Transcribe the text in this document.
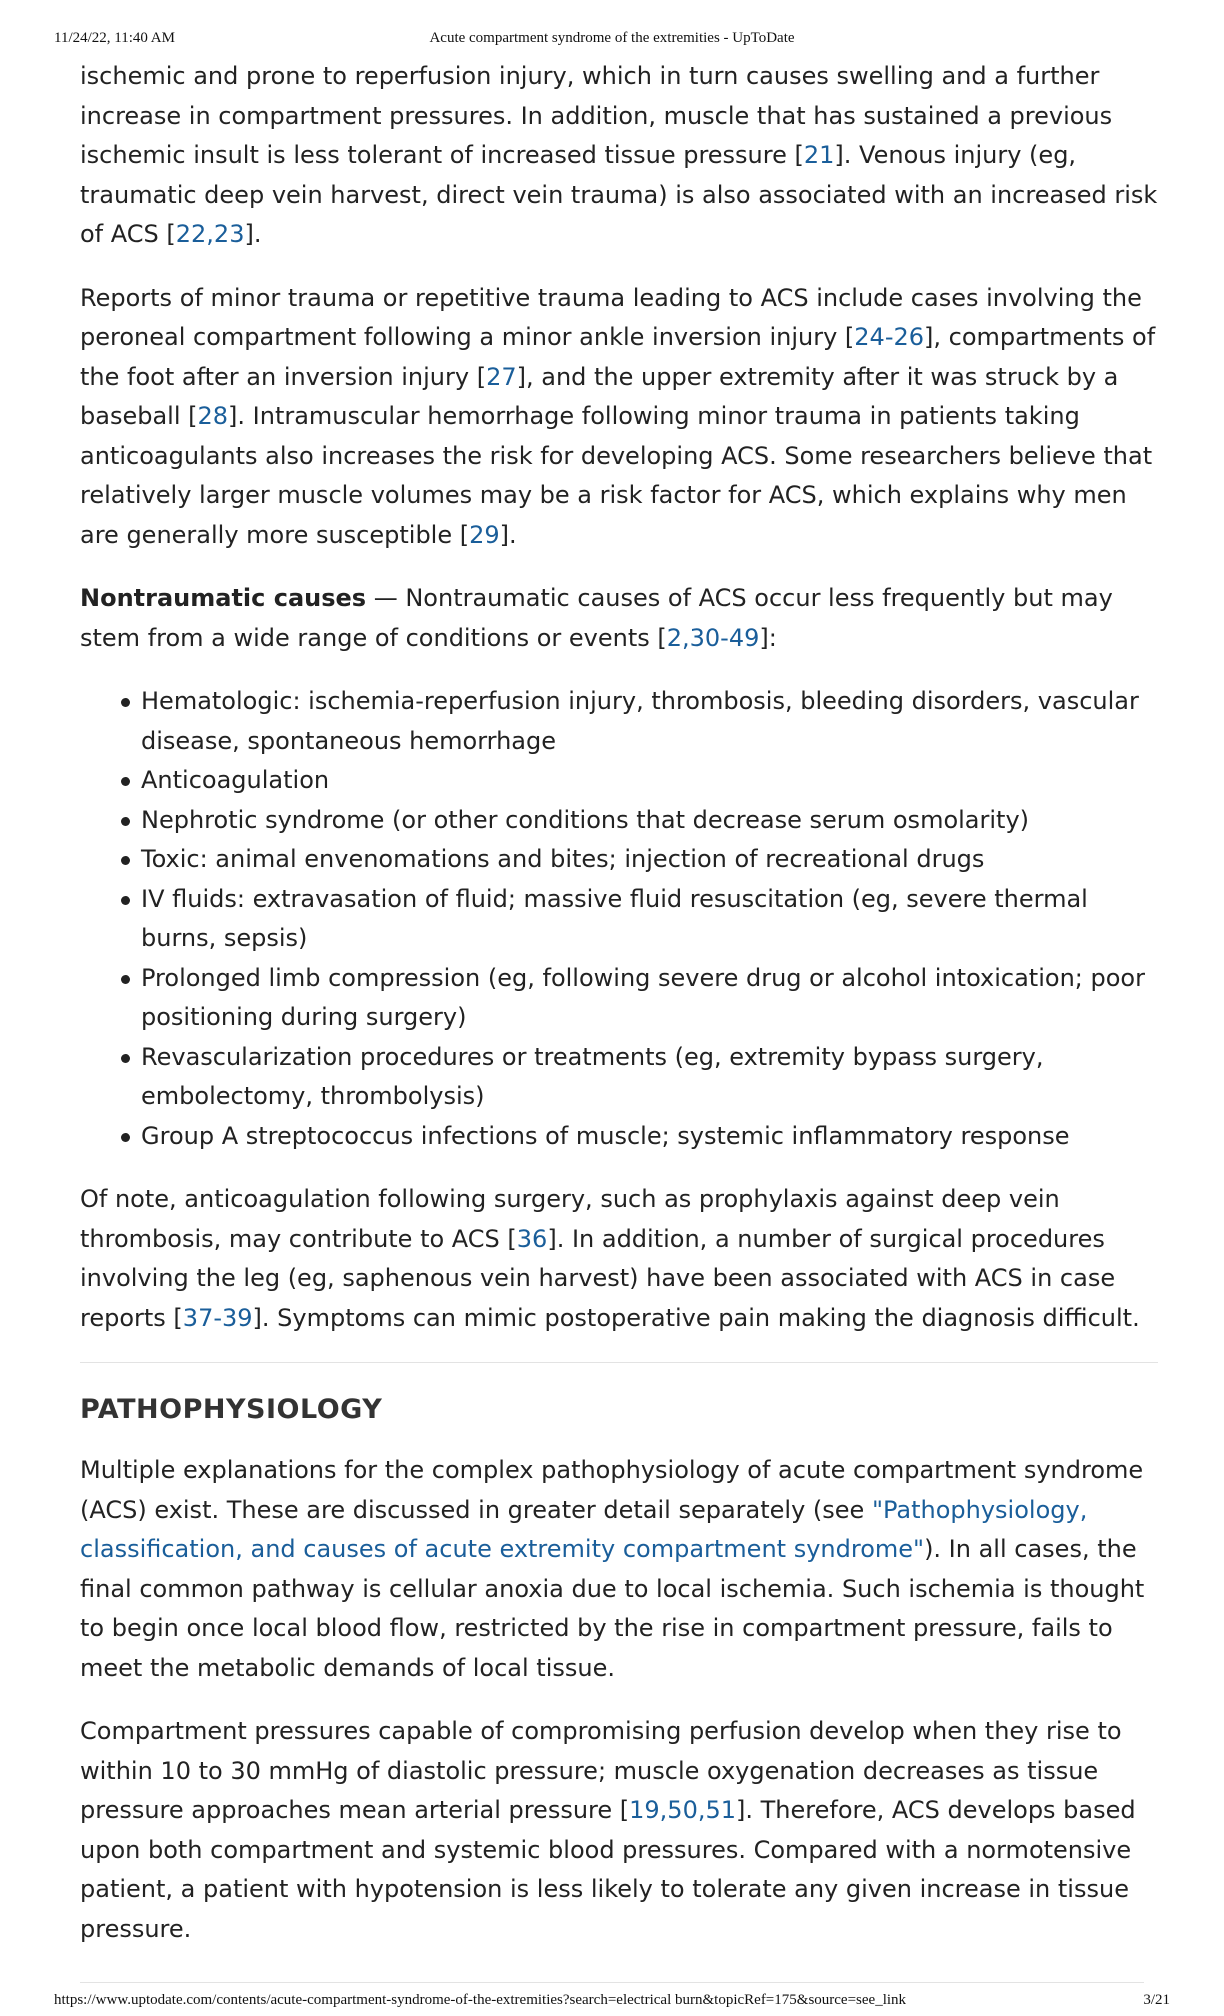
11/24/22, 11:40 AM	Acute compartment syndrome of the extremities - UpToDate

ischemic and prone to reperfusion injury, which in turn causes swelling and a further increase in compartment pressures. In addition, muscle that has sustained a previous ischemic insult is less tolerant of increased tissue pressure [21]. Venous injury (eg, traumatic deep vein harvest, direct vein trauma) is also associated with an increased risk of ACS [22,23].

Reports of minor trauma or repetitive trauma leading to ACS include cases involving the peroneal compartment following a minor ankle inversion injury [24-26], compartments of the foot after an inversion injury [27], and the upper extremity after it was struck by a baseball [28]. Intramuscular hemorrhage following minor trauma in patients taking anticoagulants also increases the risk for developing ACS. Some researchers believe that relatively larger muscle volumes may be a risk factor for ACS, which explains why men are generally more susceptible [29].

Nontraumatic causes — Nontraumatic causes of ACS occur less frequently but may stem from a wide range of conditions or events [2,30-49]:

Hematologic: ischemia-reperfusion injury, thrombosis, bleeding disorders, vascular disease, spontaneous hemorrhage
Anticoagulation
Nephrotic syndrome (or other conditions that decrease serum osmolarity)
Toxic: animal envenomations and bites; injection of recreational drugs
IV fluids: extravasation of fluid; massive fluid resuscitation (eg, severe thermal burns, sepsis)
Prolonged limb compression (eg, following severe drug or alcohol intoxication; poor positioning during surgery)
Revascularization procedures or treatments (eg, extremity bypass surgery, embolectomy, thrombolysis)
Group A streptococcus infections of muscle; systemic inflammatory response

Of note, anticoagulation following surgery, such as prophylaxis against deep vein thrombosis, may contribute to ACS [36]. In addition, a number of surgical procedures involving the leg (eg, saphenous vein harvest) have been associated with ACS in case reports [37-39]. Symptoms can mimic postoperative pain making the diagnosis difficult.

PATHOPHYSIOLOGY

Multiple explanations for the complex pathophysiology of acute compartment syndrome (ACS) exist. These are discussed in greater detail separately (see "Pathophysiology, classification, and causes of acute extremity compartment syndrome"). In all cases, the final common pathway is cellular anoxia due to local ischemia. Such ischemia is thought to begin once local blood flow, restricted by the rise in compartment pressure, fails to meet the metabolic demands of local tissue.

Compartment pressures capable of compromising perfusion develop when they rise to within 10 to 30 mmHg of diastolic pressure; muscle oxygenation decreases as tissue pressure approaches mean arterial pressure [19,50,51]. Therefore, ACS develops based upon both compartment and systemic blood pressures. Compared with a normotensive patient, a patient with hypotension is less likely to tolerate any given increase in tissue pressure.

https://www.uptodate.com/contents/acute-compartment-syndrome-of-the-extremities?search=electrical burn&topicRef=175&source=see_link	3/21
